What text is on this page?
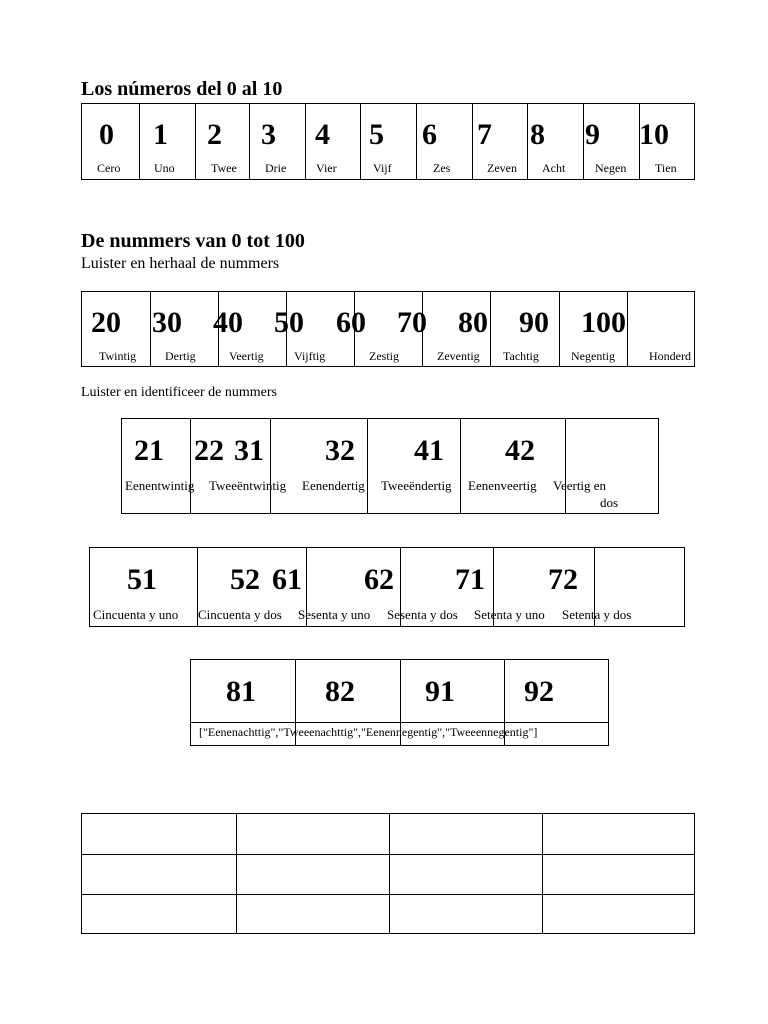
Los números del 0 al 10
0
Cero
1
Uno
2
Twee
3
Drie
4
Vier
5
Vijf
6
Zes
7
Zeven
8
Acht
9
Negen
10
Tien
De nummers van 0 tot 100
Luister en herhaal de nummers
20
Twintig
30
Dertig
40
Veertig
50
Vijftig
60
Zestig
70
Zeventig
80
Tachtig
90
Negentig
100
Honderd
Luister en identificeer de nummers
21 22 31 32 41 42
Eenentwintig Tweeëntwintig Eenendertig Tweeëndertig Eenenveertig Veertig en
dos
51 52 61 62 71 72
Cincuenta y uno Cincuenta y dos Sesenta y uno Sesenta y dos Setenta y uno Setenta y dos
81 82 91 92
["Eenenachttig","Tweeenachttig","Eenennegentig","Tweeennegentig"]
